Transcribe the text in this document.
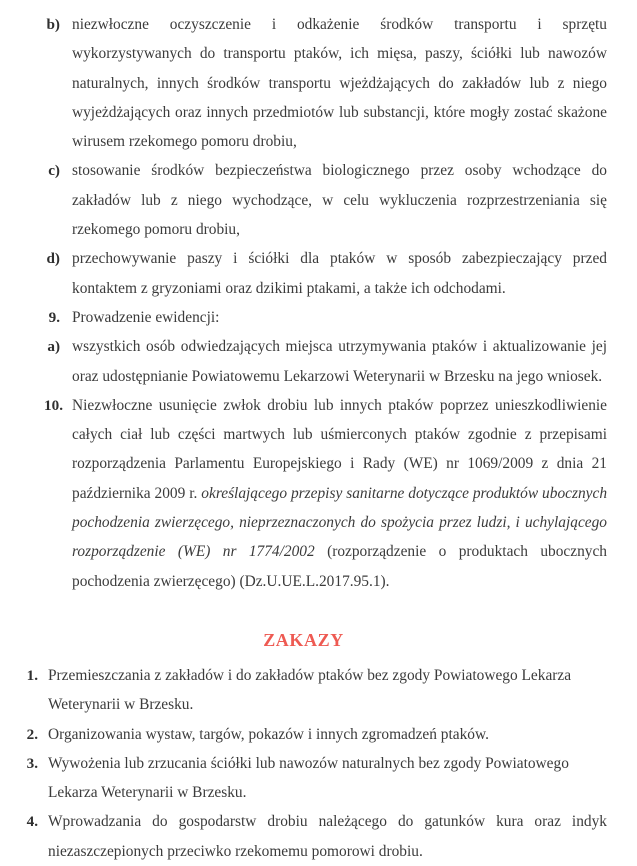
b) niezwłoczne oczyszczenie i odkażenie środków transportu i sprzętu wykorzystywanych do transportu ptaków, ich mięsa, paszy, ściółki lub nawozów naturalnych, innych środków transportu wjeżdżających do zakładów lub z niego wyjeżdżających oraz innych przedmiotów lub substancji, które mogły zostać skażone wirusem rzekomego pomoru drobiu,
c) stosowanie środków bezpieczeństwa biologicznego przez osoby wchodzące do zakładów lub z niego wychodzące, w celu wykluczenia rozprzestrzeniania się rzekomego pomoru drobiu,
d) przechowywanie paszy i ściółki dla ptaków w sposób zabezpieczający przed kontaktem z gryzoniami oraz dzikimi ptakami, a także ich odchodami.
9. Prowadzenie ewidencji:
a) wszystkich osób odwiedzających miejsca utrzymywania ptaków i aktualizowanie jej oraz udostępnianie Powiatowemu Lekarzowi Weterynarii w Brzesku na jego wniosek.
10. Niezwłoczne usunięcie zwłok drobiu lub innych ptaków poprzez unieszkodliwienie całych ciał lub części martwych lub uśmierconych ptaków zgodnie z przepisami rozporządzenia Parlamentu Europejskiego i Rady (WE) nr 1069/2009 z dnia 21 października 2009 r. określającego przepisy sanitarne dotyczące produktów ubocznych pochodzenia zwierzęcego, nieprzeznaczonych do spożycia przez ludzi, i uchylającego rozporządzenie (WE) nr 1774/2002 (rozporządzenie o produktach ubocznych pochodzenia zwierzęcego) (Dz.U.UE.L.2017.95.1).
ZAKAZY
1. Przemieszczania z zakładów i do zakładów ptaków bez zgody Powiatowego Lekarza Weterynarii w Brzesku.
2. Organizowania wystaw, targów, pokazów i innych zgromadzeń ptaków.
3. Wywożenia lub zrzucania ściółki lub nawozów naturalnych bez zgody Powiatowego Lekarza Weterynarii w Brzesku.
4. Wprowadzania do gospodarstw drobiu należącego do gatunków kura oraz indyk niezaszczepionych przeciwko rzekomemu pomorowi drobiu.
